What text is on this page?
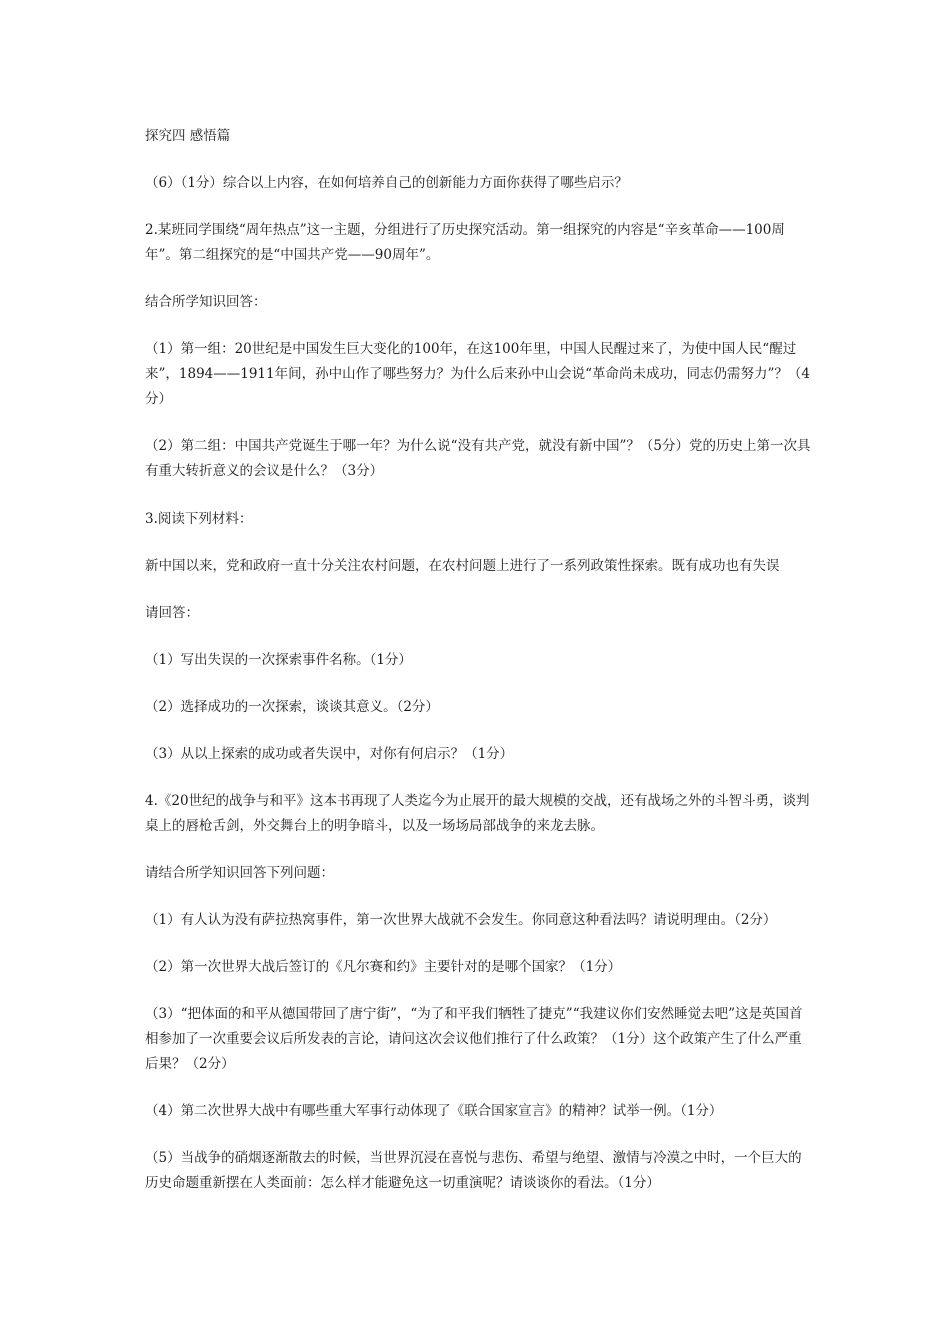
探究四 感悟篇
（6）（1分）综合以上内容，在如何培养自己的创新能力方面你获得了哪些启示？
2.某班同学围绕“周年热点”这一主题，分组进行了历史探究活动。第一组探究的内容是“辛亥革命——100周年”。第二组探究的是“中国共产党——90周年”。
结合所学知识回答：
（1）第一组：20世纪是中国发生巨大变化的100年，在这100年里，中国人民醒过来了，为使中国人民“醒过来”，1894——1911年间，孙中山作了哪些努力？为什么后来孙中山会说“革命尚未成功，同志仍需努力”？（4分）
（2）第二组：中国共产党诞生于哪一年？为什么说“没有共产党，就没有新中国”？（5分）党的历史上第一次具有重大转折意义的会议是什么？（3分）
3.阅读下列材料：
新中国以来，党和政府一直十分关注农村问题，在农村问题上进行了一系列政策性探索。既有成功也有失误
请回答：
（1）写出失误的一次探索事件名称。（1分）
（2）选择成功的一次探索，谈谈其意义。（2分）
（3）从以上探索的成功或者失误中，对你有何启示？（1分）
4.《20世纪的战争与和平》这本书再现了人类迄今为止展开的最大规模的交战，还有战场之外的斗智斗勇，谈判桌上的唇枪舌剑，外交舞台上的明争暗斗，以及一场场局部战争的来龙去脉。
请结合所学知识回答下列问题：
（1）有人认为没有萨拉热窝事件，第一次世界大战就不会发生。你同意这种看法吗？请说明理由。（2分）
（2）第一次世界大战后签订的《凡尔赛和约》主要针对的是哪个国家？（1分）
（3）“把体面的和平从德国带回了唐宁街”，“为了和平我们牺牲了捷克”“我建议你们安然睡觉去吧”这是英国首相参加了一次重要会议后所发表的言论，请问这次会议他们推行了什么政策？（1分）这个政策产生了什么严重后果？（2分）
（4）第二次世界大战中有哪些重大军事行动体现了《联合国家宣言》的精神？试举一例。（1分）
（5）当战争的硝烟逐渐散去的时候，当世界沉浸在喜悦与悲伤、希望与绝望、激情与冷漠之中时，一个巨大的历史命题重新摆在人类面前：怎么样才能避免这一切重演呢？请谈谈你的看法。（1分）
